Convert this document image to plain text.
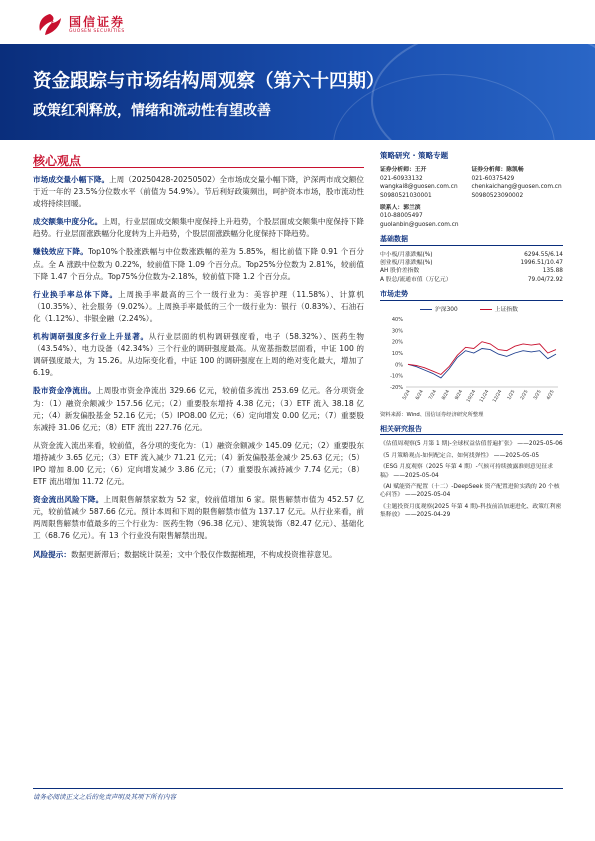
国信证券
GUOSEN SECURITIES
资金跟踪与市场结构周观察（第六十四期）
政策红利释放，情绪和流动性有望改善
核心观点

市场成交量小幅下降。上周（20250428-20250502）全市场成交量小幅下降，沪深两市成交额位于近一年的 23.5%分位数水平（前值为 54.9%）。节后利好政策频出，呵护资本市场，股市流动性或将持续回暖。

成交额集中度分化。上周，行业层面成交额集中度保持上升趋势，个股层面成交额集中度保持下降趋势。行业层面涨跌幅分化度转为上升趋势，个股层面涨跌幅分化度保持下降趋势。

赚钱效应下降。Top10%个股涨跌幅与中位数涨跌幅的差为 5.85%，相比前值下降 0.91 个百分点。全 A 涨跌中位数为 0.22%，较前值下降 1.09 个百分点。Top25%分位数为 2.81%，较前值下降 1.47 个百分点。Top75%分位数为-2.18%，较前值下降 1.2 个百分点。

行业换手率总体下降。上周换手率最高的三个一级行业为：美容护理（11.58%）、计算机（10.35%）、社会服务（9.02%）。上周换手率最低的三个一级行业为：银行（0.83%）、石油石化（1.12%）、非银金融（2.24%）。

机构调研强度多行业上升显著。从行业层面的机构调研强度看，电子（58.32%）、医药生物（43.54%）、电力设备（42.34%）三个行业的调研强度最高。从宽基指数层面看，中证 100 的调研强度最大，为 15.26。从边际变化看，中证 100 的调研强度在上周的绝对变化最大，增加了 6.19。

股市资金净流出。上周股市资金净流出 329.66 亿元，较前值多流出 253.69 亿元。各分项资金为：（1）融资余额减少 157.56 亿元；（2）重要股东增持 4.38 亿元；（3）ETF 流入 38.18 亿元；（4）新发偏股基金 52.16 亿元；（5）IPO8.00 亿元；（6）定向增发 0.00 亿元；（7）重要股东减持 31.06 亿元；（8）ETF 流出 227.76 亿元。

从资金流入流出来看，较前值，各分项的变化为：（1）融资余额减少 145.09 亿元；（2）重要股东增持减少 3.65 亿元；（3）ETF 流入减少 71.21 亿元；（4）新发偏股基金减少 25.63 亿元；（5）IPO 增加 8.00 亿元；（6）定向增发减少 3.86 亿元；（7）重要股东减持减少 7.74 亿元；（8）ETF 流出增加 11.72 亿元。

资金流出风险下降。上周限售解禁家数为 52 家，较前值增加 6 家。限售解禁市值为 452.57 亿元，较前值减少 587.66 亿元。预计本周和下周的限售解禁市值为 137.17 亿元。从行业来看，前两周限售解禁市值最多的三个行业为：医药生物（96.38 亿元）、建筑装饰（82.47 亿元）、基础化工（68.76 亿元）。有 13 个行业没有限售解禁出现。

风险提示：数据更新滞后；数据统计误差；文中个股仅作数据梳理，不构成投资推荐意见。

策略研究 · 策略专题
证券分析师：王开
021-60933132
wangkai8@guosen.com.cn
S0980521030001
证券分析师：陈凯畅
021-60375429
chenkaichang@guosen.com.cn
S0980523090002
联系人：郭兰滨
010-88005497
guolanbin@guosen.com.cn
基础数据
中小板/月涨跌幅(%)	6294.55/6.14
创业板/月涨跌幅(%)	1996.51/10.47
AH 股价差指数	135.88
A 股总/流通市值（万亿元）	79.04/72.92
市场走势
沪深300	上证指数
40%
30%
20%
10%
0%
-10%
-20%
5/24 6/24 7/24 8/24 9/24 10/24 11/24 12/24 1/25 2/25 3/25 4/25
资料来源：Wind、国信证券经济研究所整理
相关研究报告
《估值周观察(5 月第 1 期)-全球权益估值普遍扩张》 ——2025-05-06
《5 月策略观点-如何配定合、如何找弹性》 ——2025-05-05
《ESG 月度观察（2025 年第 4 期）-气候可持续披露准则意见征求稿》 ——2025-05-04
《AI 赋能资产配置（十二）-DeepSeek 资产配置进阶实践的 20 个核心问答》 ——2025-05-04
《主题投资月度观察(2025 年第 4 期)-科技前沿加速进化、政策红利密集释放》 ——2025-04-29
请务必阅读正文之后的免责声明及其项下所有内容
